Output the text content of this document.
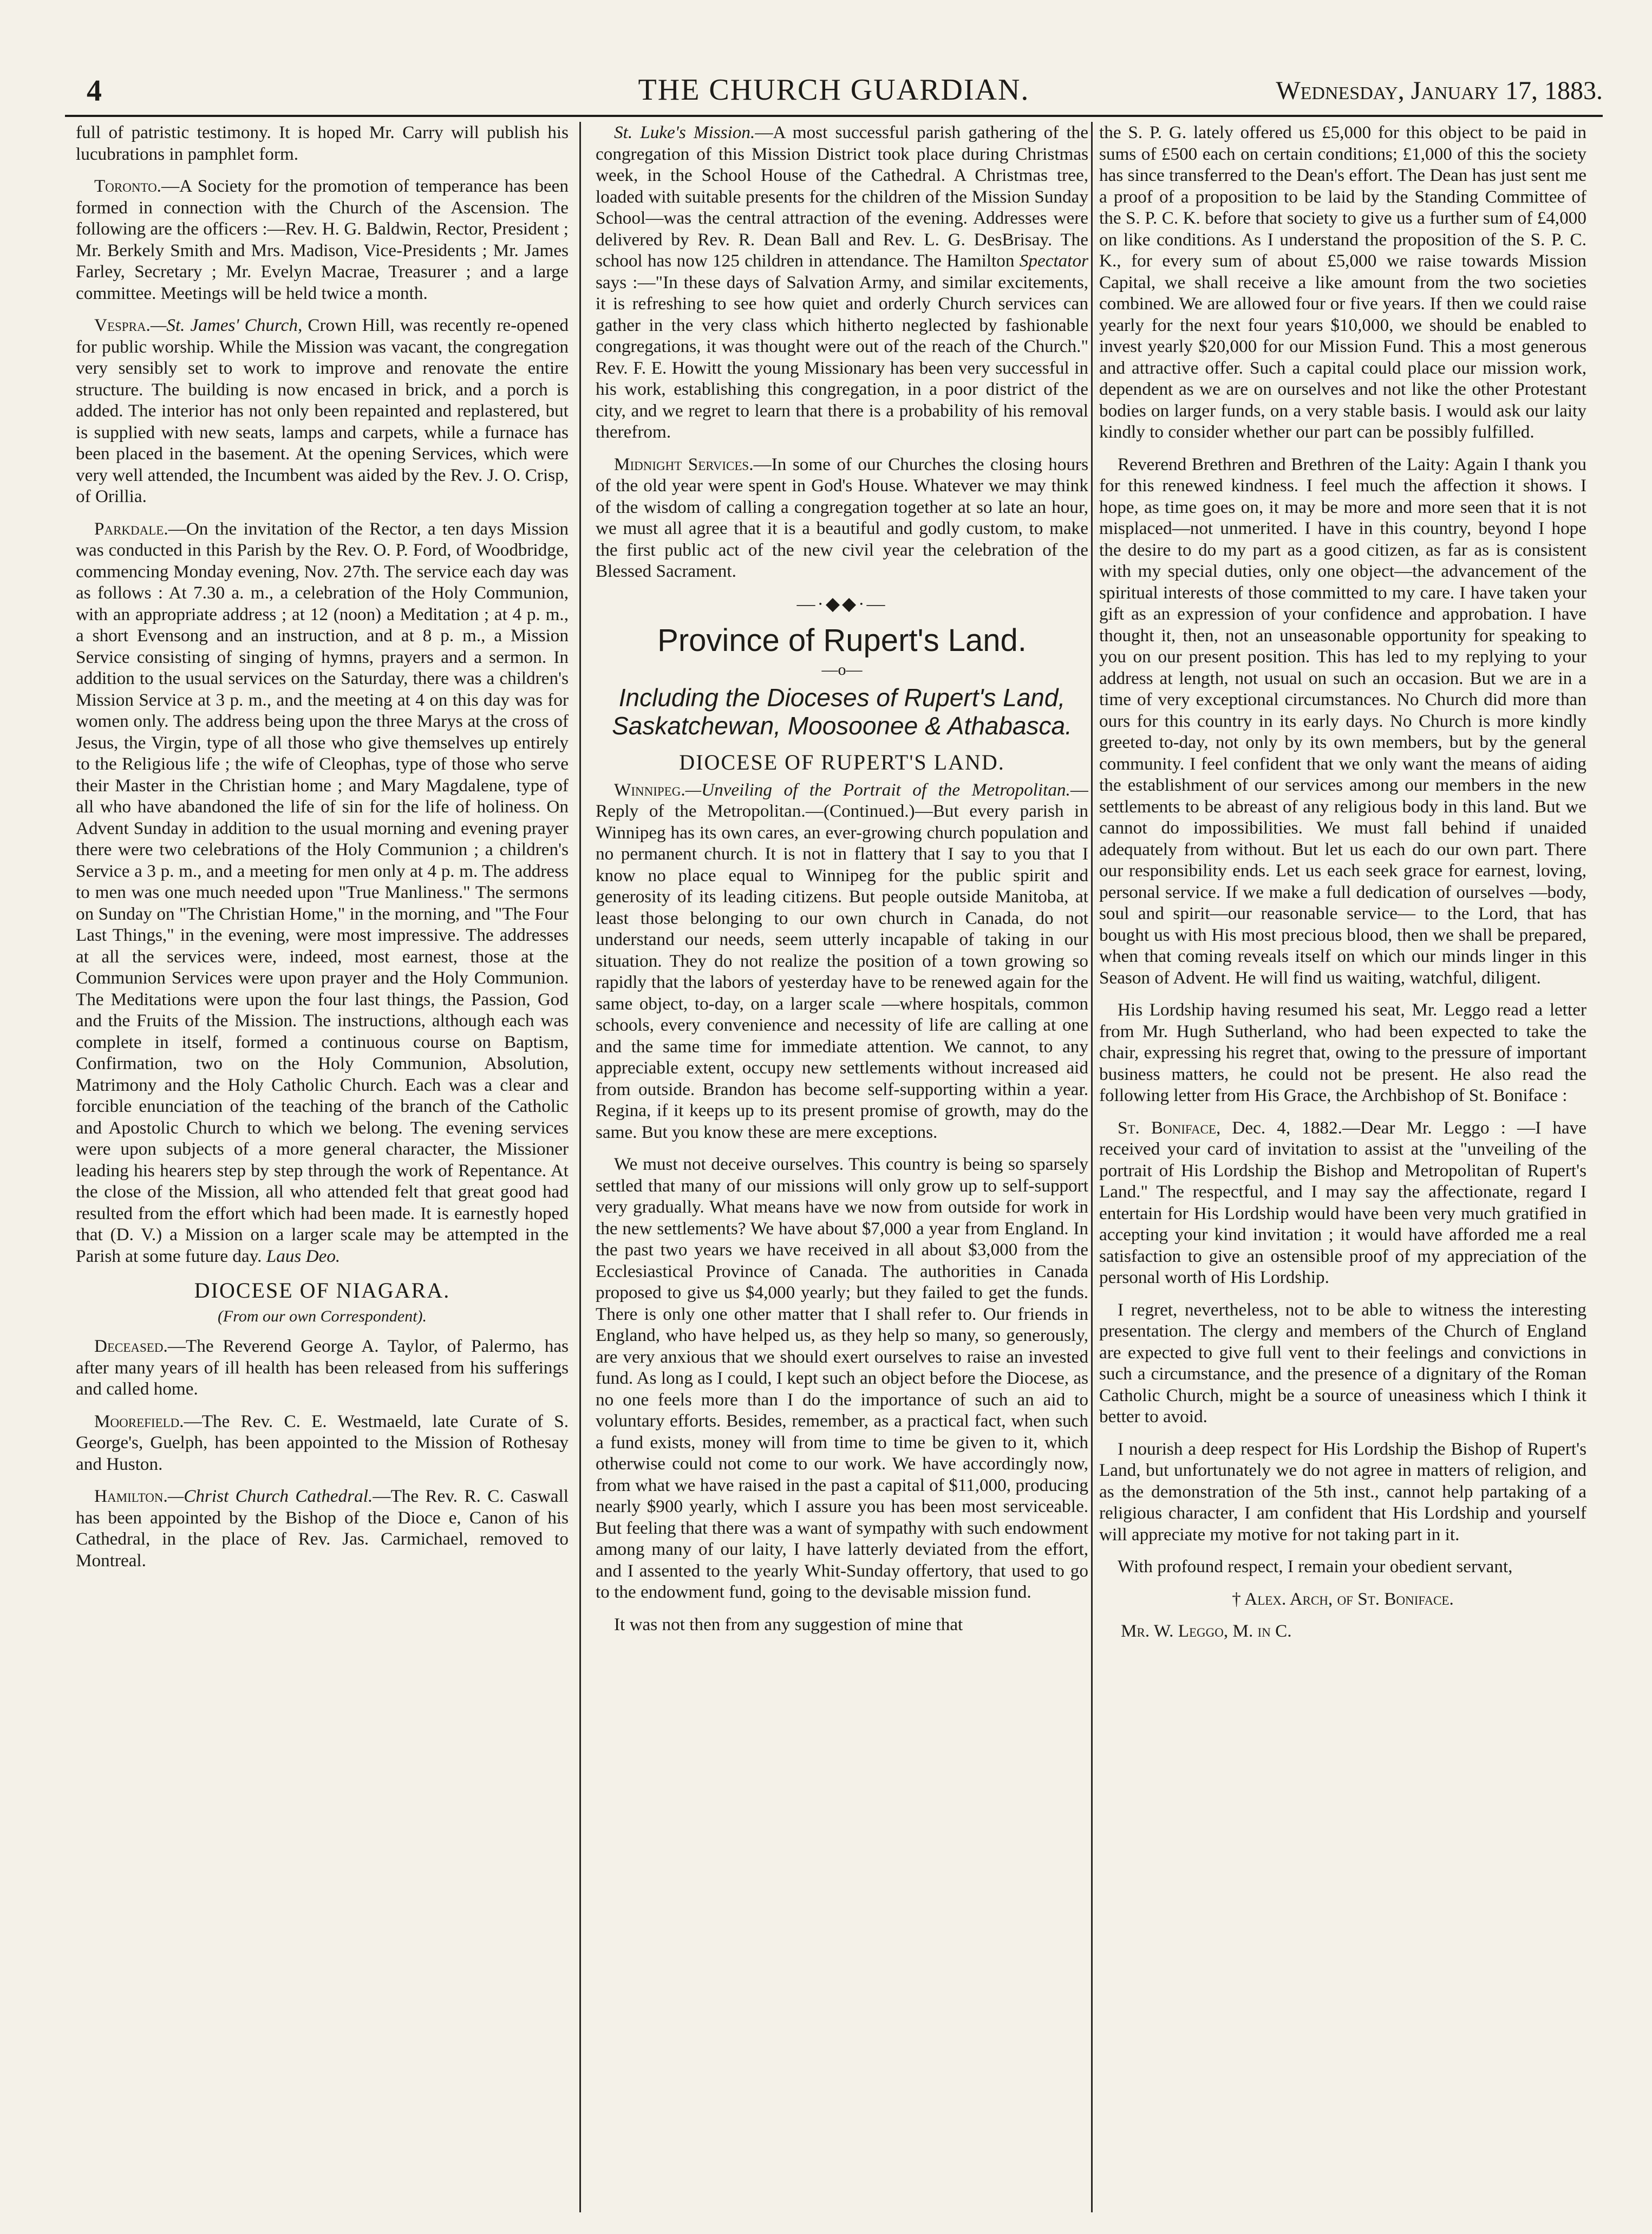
4	THE CHURCH GUARDIAN.	Wednesday, January 17, 1883.

full of patristic testimony. It is hoped Mr. Carry will publish his lucubrations in pamphlet form.

Toronto.—A Society for the promotion of temperance has been formed in connection with the Church of the Ascension. The following are the officers :—Rev. H. G. Baldwin, Rector, President ; Mr. Berkely Smith and Mrs. Madison, Vice-Presidents ; Mr. James Farley, Secretary ; Mr. Evelyn Macrae, Treasurer ; and a large committee. Meetings will be held twice a month.

Vespra.—St. James' Church, Crown Hill, was recently re-opened for public worship. While the Mission was vacant, the congregation very sensibly set to work to improve and renovate the entire structure. The building is now encased in brick, and a porch is added. The interior has not only been repainted and replastered, but is supplied with new seats, lamps and carpets, while a furnace has been placed in the basement. At the opening Services, which were very well attended, the Incumbent was aided by the Rev. J. O. Crisp, of Orillia.

Parkdale.—On the invitation of the Rector, a ten days Mission was conducted in this Parish by the Rev. O. P. Ford, of Woodbridge, commencing Monday evening, Nov. 27th. The service each day was as follows : At 7.30 a. m., a celebration of the Holy Communion, with an appropriate address ; at 12 (noon) a Meditation ; at 4 p. m., a short Evensong and an instruction, and at 8 p. m., a Mission Service consisting of singing of hymns, prayers and a sermon. In addition to the usual services on the Saturday, there was a children's Mission Service at 3 p. m., and the meeting at 4 on this day was for women only. The address being upon the three Marys at the cross of Jesus, the Virgin, type of all those who give themselves up entirely to the Religious life ; the wife of Cleophas, type of those who serve their Master in the Christian home ; and Mary Magdalene, type of all who have abandoned the life of sin for the life of holiness. On Advent Sunday in addition to the usual morning and evening prayer there were two celebrations of the Holy Communion ; a children's Service a 3 p. m., and a meeting for men only at 4 p. m. The address to men was one much needed upon "True Manliness." The sermons on Sunday on "The Christian Home," in the morning, and "The Four Last Things," in the evening, were most impressive. The addresses at all the services were, indeed, most earnest, those at the Communion Services were upon prayer and the Holy Communion. The Meditations were upon the four last things, the Passion, God and the Fruits of the Mission. The instructions, although each was complete in itself, formed a continuous course on Baptism, Confirmation, two on the Holy Communion, Absolution, Matrimony and the Holy Catholic Church. Each was a clear and forcible enunciation of the teaching of the branch of the Catholic and Apostolic Church to which we belong. The evening services were upon subjects of a more general character, the Missioner leading his hearers step by step through the work of Repentance. At the close of the Mission, all who attended felt that great good had resulted from the effort which had been made. It is earnestly hoped that (D. V.) a Mission on a larger scale may be attempted in the Parish at some future day. Laus Deo.

DIOCESE OF NIAGARA.
(From our own Correspondent).

Deceased.—The Reverend George A. Taylor, of Palermo, has after many years of ill health has been released from his sufferings and called home.

Moorefield.—The Rev. C. E. Westmaeld, late Curate of S. George's, Guelph, has been appointed to the Mission of Rothesay and Huston.

Hamilton.—Christ Church Cathedral.—The Rev. R. C. Caswall has been appointed by the Bishop of the Dioce e, Canon of his Cathedral, in the place of Rev. Jas. Carmichael, removed to Montreal.

St. Luke's Mission.—A most successful parish gathering of the congregation of this Mission District took place during Christmas week, in the School House of the Cathedral. A Christmas tree, loaded with suitable presents for the children of the Mission Sunday School—was the central attraction of the evening. Addresses were delivered by Rev. R. Dean Ball and Rev. L. G. DesBrisay. The school has now 125 children in attendance. The Hamilton Spectator says :—"In these days of Salvation Army, and similar excitements, it is refreshing to see how quiet and orderly Church services can gather in the very class which hitherto neglected by fashionable congregations, it was thought were out of the reach of the Church." Rev. F. E. Howitt the young Missionary has been very successful in his work, establishing this congregation, in a poor district of the city, and we regret to learn that there is a probability of his removal therefrom.

Midnight Services.—In some of our Churches the closing hours of the old year were spent in God's House. Whatever we may think of the wisdom of calling a congregation together at so late an hour, we must all agree that it is a beautiful and godly custom, to make the first public act of the new civil year the celebration of the Blessed Sacrament.

—·◆◆·—
Province of Rupert's Land.
—o—
Including the Dioceses of Rupert's Land, Saskatchewan, Moosoonee & Athabasca.
DIOCESE OF RUPERT'S LAND.

Winnipeg.—Unveiling of the Portrait of the Metropolitan.—Reply of the Metropolitan.—(Continued.)—But every parish in Winnipeg has its own cares, an ever-growing church population and no permanent church. It is not in flattery that I say to you that I know no place equal to Winnipeg for the public spirit and generosity of its leading citizens. But people outside Manitoba, at least those belonging to our own church in Canada, do not understand our needs, seem utterly incapable of taking in our situation. They do not realize the position of a town growing so rapidly that the labors of yesterday have to be renewed again for the same object, to-day, on a larger scale —where hospitals, common schools, every convenience and necessity of life are calling at one and the same time for immediate attention. We cannot, to any appreciable extent, occupy new settlements without increased aid from outside. Brandon has become self-supporting within a year. Regina, if it keeps up to its present promise of growth, may do the same. But you know these are mere exceptions.

We must not deceive ourselves. This country is being so sparsely settled that many of our missions will only grow up to self-support very gradually. What means have we now from outside for work in the new settlements? We have about $7,000 a year from England. In the past two years we have received in all about $3,000 from the Ecclesiastical Province of Canada. The authorities in Canada proposed to give us $4,000 yearly; but they failed to get the funds. There is only one other matter that I shall refer to. Our friends in England, who have helped us, as they help so many, so generously, are very anxious that we should exert ourselves to raise an invested fund. As long as I could, I kept such an object before the Diocese, as no one feels more than I do the importance of such an aid to voluntary efforts. Besides, remember, as a practical fact, when such a fund exists, money will from time to time be given to it, which otherwise could not come to our work. We have accordingly now, from what we have raised in the past a capital of $11,000, producing nearly $900 yearly, which I assure you has been most serviceable. But feeling that there was a want of sympathy with such endowment among many of our laity, I have latterly deviated from the effort, and I assented to the yearly Whit-Sunday offertory, that used to go to the endowment fund, going to the devisable mission fund.

It was not then from any suggestion of mine that

the S. P. G. lately offered us £5,000 for this object to be paid in sums of £500 each on certain conditions; £1,000 of this the society has since transferred to the Dean's effort. The Dean has just sent me a proof of a proposition to be laid by the Standing Committee of the S. P. C. K. before that society to give us a further sum of £4,000 on like conditions. As I understand the proposition of the S. P. C. K., for every sum of about £5,000 we raise towards Mission Capital, we shall receive a like amount from the two societies combined. We are allowed four or five years. If then we could raise yearly for the next four years $10,000, we should be enabled to invest yearly $20,000 for our Mission Fund. This a most generous and attractive offer. Such a capital could place our mission work, dependent as we are on ourselves and not like the other Protestant bodies on larger funds, on a very stable basis. I would ask our laity kindly to consider whether our part can be possibly fulfilled.

Reverend Brethren and Brethren of the Laity: Again I thank you for this renewed kindness. I feel much the affection it shows. I hope, as time goes on, it may be more and more seen that it is not misplaced—not unmerited. I have in this country, beyond I hope the desire to do my part as a good citizen, as far as is consistent with my special duties, only one object—the advancement of the spiritual interests of those committed to my care. I have taken your gift as an expression of your confidence and approbation. I have thought it, then, not an unseasonable opportunity for speaking to you on our present position. This has led to my replying to your address at length, not usual on such an occasion. But we are in a time of very exceptional circumstances. No Church did more than ours for this country in its early days. No Church is more kindly greeted to-day, not only by its own members, but by the general community. I feel confident that we only want the means of aiding the establishment of our services among our members in the new settlements to be abreast of any religious body in this land. But we cannot do impossibilities. We must fall behind if unaided adequately from without. But let us each do our own part. There our responsibility ends. Let us each seek grace for earnest, loving, personal service. If we make a full dedication of ourselves —body, soul and spirit—our reasonable service— to the Lord, that has bought us with His most precious blood, then we shall be prepared, when that coming reveals itself on which our minds linger in this Season of Advent. He will find us waiting, watchful, diligent.

His Lordship having resumed his seat, Mr. Leggo read a letter from Mr. Hugh Sutherland, who had been expected to take the chair, expressing his regret that, owing to the pressure of important business matters, he could not be present. He also read the following letter from His Grace, the Archbishop of St. Boniface :

St. Boniface, Dec. 4, 1882.—Dear Mr. Leggo : —I have received your card of invitation to assist at the "unveiling of the portrait of His Lordship the Bishop and Metropolitan of Rupert's Land." The respectful, and I may say the affectionate, regard I entertain for His Lordship would have been very much gratified in accepting your kind invitation ; it would have afforded me a real satisfaction to give an ostensible proof of my appreciation of the personal worth of His Lordship.

I regret, nevertheless, not to be able to witness the interesting presentation. The clergy and members of the Church of England are expected to give full vent to their feelings and convictions in such a circumstance, and the presence of a dignitary of the Roman Catholic Church, might be a source of uneasiness which I think it better to avoid.

I nourish a deep respect for His Lordship the Bishop of Rupert's Land, but unfortunately we do not agree in matters of religion, and as the demonstration of the 5th inst., cannot help partaking of a religious character, I am confident that His Lordship and yourself will appreciate my motive for not taking part in it.

With profound respect, I remain your obedient servant,

† Alex. Arch, of St. Boniface.

Mr. W. Leggo, M. in C.
